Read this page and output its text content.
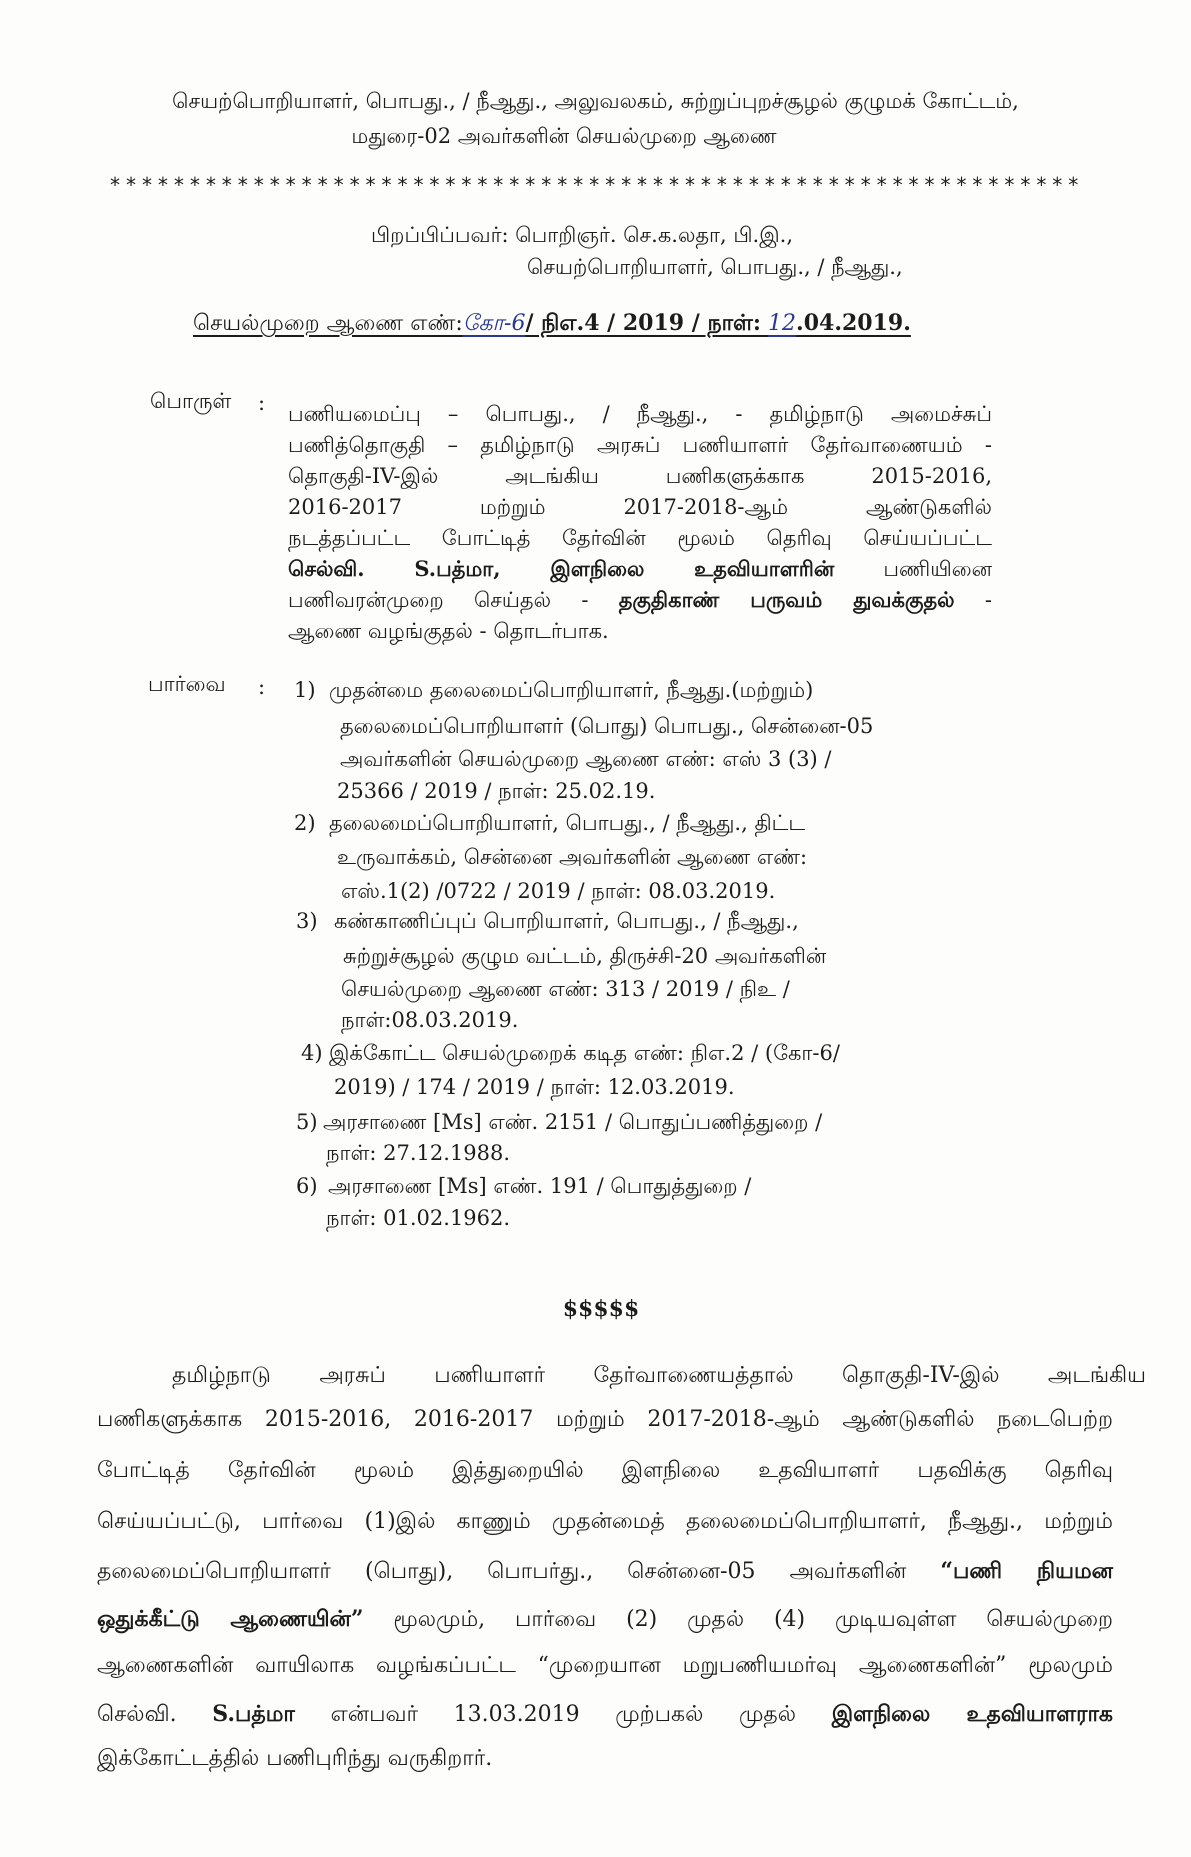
செயற்பொறியாளர், பொபது., / நீஆது., அலுவலகம், சுற்றுப்புறச்சூழல் குழுமக் கோட்டம்,
மதுரை-02 அவர்களின் செயல்முறை ஆணை
*************************************************************
பிறப்பிப்பவர்: பொறிஞர். செ.க.லதா, பி.இ.,
செயற்பொறியாளர், பொபது., / நீஆது.,
செயல்முறை ஆணை எண்:கோ-6/ நிஎ.4 / 2019 / நாள்: 12.04.2019.
பொருள் : பணியமைப்பு – பொபது., / நீஆது., - தமிழ்நாடு அமைச்சுப்
பணித்தொகுதி – தமிழ்நாடு அரசுப் பணியாளர் தேர்வாணையம் -
தொகுதி-IV-இல் அடங்கிய பணிகளுக்காக 2015-2016,
2016-2017 மற்றும் 2017-2018-ஆம் ஆண்டுகளில்
நடத்தப்பட்ட போட்டித் தேர்வின் மூலம் தெரிவு செய்யப்பட்ட
செல்வி. S.பத்மா, இளநிலை உதவியாளரின் பணியினை
பணிவரன்முறை செய்தல் - தகுதிகாண் பருவம் துவக்குதல் -
ஆணை வழங்குதல் - தொடர்பாக.
பார்வை : 1) முதன்மை தலைமைப்பொறியாளர், நீஆது.(மற்றும்)
தலைமைப்பொறியாளர் (பொது) பொபது., சென்னை-05
அவர்களின் செயல்முறை ஆணை எண்: எஸ் 3 (3) /
25366 / 2019 / நாள்: 25.02.19.
2) தலைமைப்பொறியாளர், பொபது., / நீஆது., திட்ட
உருவாக்கம், சென்னை அவர்களின் ஆணை எண்:
எஸ்.1(2) /0722 / 2019 / நாள்: 08.03.2019.
3) கண்காணிப்புப் பொறியாளர், பொபது., / நீஆது.,
சுற்றுச்சூழல் குழும வட்டம், திருச்சி-20 அவர்களின்
செயல்முறை ஆணை எண்: 313 / 2019 / நிஉ /
நாள்:08.03.2019.
4) இக்கோட்ட செயல்முறைக் கடித எண்: நிஎ.2 / (கோ-6/
2019) / 174 / 2019 / நாள்: 12.03.2019.
5) அரசாணை [Ms] எண். 2151 / பொதுப்பணித்துறை /
நாள்: 27.12.1988.
6) அரசாணை [Ms] எண். 191 / பொதுத்துறை /
நாள்: 01.02.1962.
$$$$$
தமிழ்நாடு அரசுப் பணியாளர் தேர்வாணையத்தால் தொகுதி-IV-இல் அடங்கிய
பணிகளுக்காக 2015-2016, 2016-2017 மற்றும் 2017-2018-ஆம் ஆண்டுகளில் நடைபெற்ற
போட்டித் தேர்வின் மூலம் இத்துறையில் இளநிலை உதவியாளர் பதவிக்கு தெரிவு
செய்யப்பட்டு, பார்வை (1)இல் காணும் முதன்மைத் தலைமைப்பொறியாளர், நீஆது., மற்றும்
தலைமைப்பொறியாளர் (பொது), பொபர்து., சென்னை-05 அவர்களின் “பணி நியமன
ஒதுக்கீட்டு ஆணையின்” மூலமும், பார்வை (2) முதல் (4) முடியவுள்ள செயல்முறை
ஆணைகளின் வாயிலாக வழங்கப்பட்ட “முறையான மறுபணியமர்வு ஆணைகளின்” மூலமும்
செல்வி. S.பத்மா என்பவர் 13.03.2019 முற்பகல் முதல் இளநிலை உதவியாளராக
இக்கோட்டத்தில் பணிபுரிந்து வருகிறார்.
